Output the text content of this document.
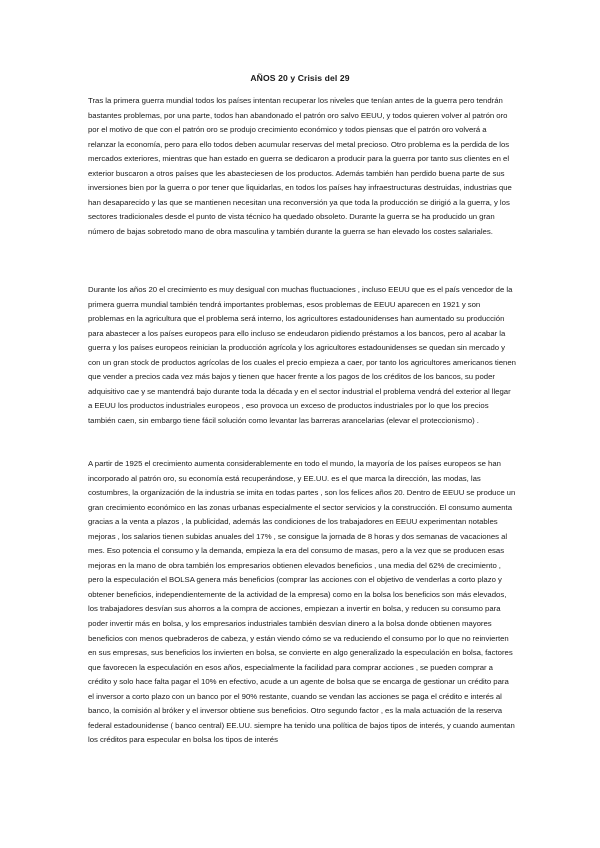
AÑOS 20 y Crisis del 29

Tras la primera guerra mundial todos los países intentan recuperar los niveles que tenían antes de la guerra pero tendrán bastantes problemas, por una parte, todos han abandonado el patrón oro salvo EEUU, y todos quieren volver al patrón oro por el motivo de que con el patrón oro se produjo crecimiento económico y todos piensas que el patrón oro volverá a relanzar la economía, pero para ello todos deben acumular reservas del metal precioso. Otro problema es la perdida de los mercados exteriores, mientras que han estado en guerra se dedicaron a producir para la guerra por tanto sus clientes en el exterior buscaron a otros países que les abasteciesen de los productos. Además también han perdido buena parte de sus inversiones bien por la guerra o por tener que liquidarlas, en todos los países hay infraestructuras destruidas, industrias que han desaparecido y las que se mantienen necesitan una reconversión ya que toda la producción se dirigió a la guerra, y los sectores tradicionales desde el punto de vista técnico ha quedado obsoleto. Durante la guerra se ha producido un gran número de bajas sobretodo mano de obra masculina y también durante la guerra se han elevado los costes salariales.

Durante los años 20 el crecimiento es muy desigual con muchas fluctuaciones , incluso EEUU que es el país vencedor de la primera guerra mundial también tendrá importantes problemas, esos problemas de EEUU aparecen en 1921 y son problemas en la agricultura que el problema será interno, los agricultores estadounidenses han aumentado su producción para abastecer a los países europeos para ello incluso se endeudaron pidiendo préstamos a los bancos, pero al acabar la guerra y los países europeos reinician la producción agrícola y los agricultores estadounidenses se quedan sin mercado y con un gran stock de productos agrícolas de los cuales el precio empieza a caer, por tanto los agricultores americanos tienen que vender a precios cada vez más bajos y tienen que hacer frente a los pagos de los créditos de los bancos, su poder adquisitivo cae y se mantendrá bajo durante toda la década y en el sector industrial el problema vendrá del exterior al llegar a EEUU los productos industriales europeos , eso provoca un exceso de productos industriales por lo que los precios también caen, sin embargo tiene fácil solución como levantar las barreras arancelarias (elevar el proteccionismo) .

A partir de 1925 el crecimiento aumenta considerablemente en todo el mundo, la mayoría de los países europeos se han incorporado al patrón oro, su economía está recuperándose, y EE.UU. es el que marca la dirección, las modas, las costumbres, la organización de la industria se imita en todas partes , son los felices años 20. Dentro de EEUU se produce un gran crecimiento económico en las zonas urbanas especialmente el sector servicios y la construcción. El consumo aumenta gracias a la venta a plazos , la publicidad, además las condiciones de los trabajadores en EEUU experimentan notables mejoras , los salarios tienen subidas anuales del 17% , se consigue la jornada de 8 horas y dos semanas de vacaciones al mes. Eso potencia el consumo y la demanda, empieza la era del consumo de masas, pero a la vez que se producen esas mejoras en la mano de obra también los empresarios obtienen elevados beneficios , una media del 62% de crecimiento , pero la especulación el BOLSA genera más beneficios (comprar las acciones con el objetivo de venderlas a corto plazo y obtener beneficios, independientemente de la actividad de la empresa) como en la bolsa los beneficios son más elevados, los trabajadores desvían sus ahorros a la compra de acciones, empiezan a invertir en bolsa, y reducen su consumo para poder invertir más en bolsa, y los empresarios industriales también desvían dinero a la bolsa donde obtienen mayores beneficios con menos quebraderos de cabeza, y están viendo cómo se va reduciendo el consumo por lo que no reinvierten en sus empresas, sus beneficios los invierten en bolsa, se convierte en algo generalizado la especulación en bolsa, factores que favorecen la especulación en esos años, especialmente la facilidad para comprar acciones , se pueden comprar a crédito y solo hace falta pagar el 10% en efectivo, acude a un agente de bolsa que se encarga de gestionar un crédito para el inversor a corto plazo con un banco por el 90% restante, cuando se vendan las acciones se paga el crédito e interés al banco, la comisión al bróker y el inversor obtiene sus beneficios. Otro segundo factor , es la mala actuación de la reserva federal estadounidense ( banco central) EE.UU. siempre ha tenido una política de bajos tipos de interés, y cuando aumentan los créditos para especular en bolsa los tipos de interés
